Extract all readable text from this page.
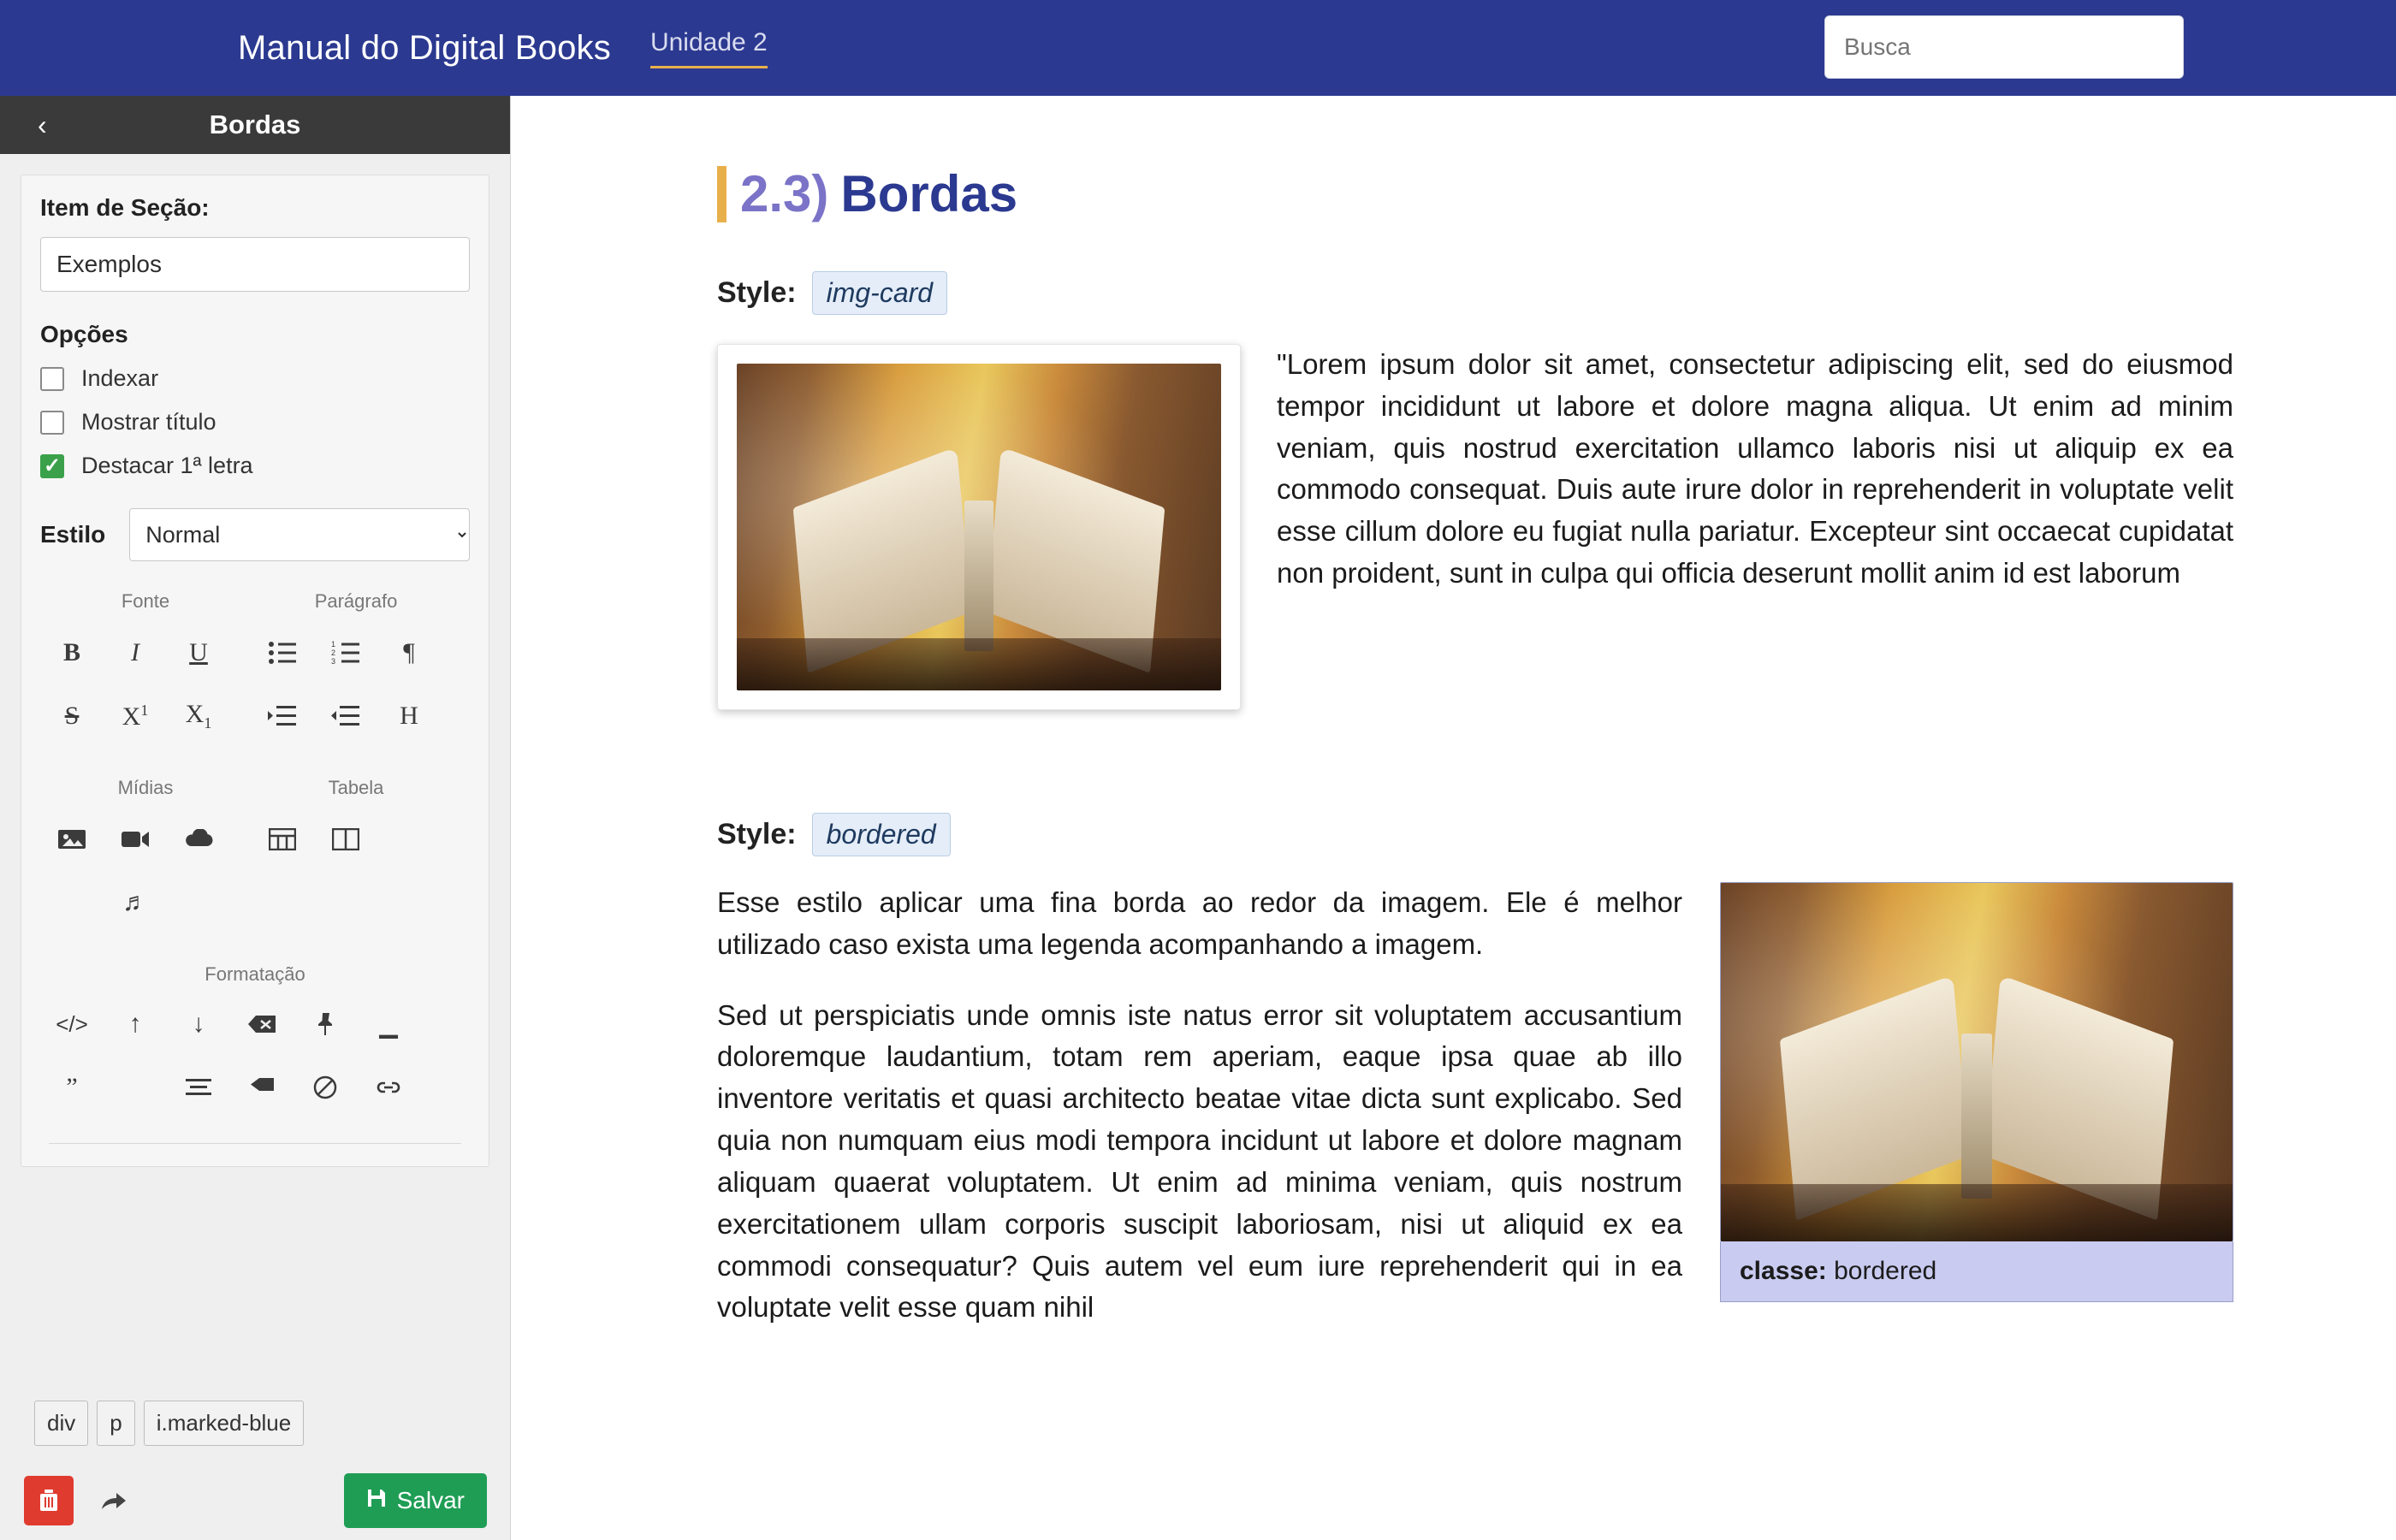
Manual do Digital Books Unidade 2
Busca
‹	Bordas
Item de Seção:
Exemplos
Opções
Indexar
Mostrar título
✓
Destacar 1ª letra
Estilo
Normal
Fonte	Parágrafo
B I U
S $X^1$ $X_1$
1
2
3	¶
H
Mídias	Tabela
♬
Formatação
</> ↑ ↓	▁
”
div	p	i.marked-blue
Salvar
2.3) Bordas
Style:	img-card
"Lorem ipsum dolor sit amet, consectetur adipiscing elit, sed do eiusmod tempor incididunt ut labore et dolore magna aliqua. Ut enim ad minim veniam, quis nostrud exercitation ullamco laboris nisi ut aliquip ex ea commodo consequat. Duis aute irure dolor in reprehenderit in voluptate velit esse cillum dolore eu fugiat nulla pariatur. Excepteur sint occaecat cupidatat non proident, sunt in culpa qui officia deserunt mollit anim id est laborum
Style:	bordered

Esse estilo aplicar uma fina borda ao redor da imagem. Ele é melhor utilizado caso exista uma legenda acompanhando a imagem.

Sed ut perspiciatis unde omnis iste natus error sit voluptatem accusantium doloremque laudantium, totam rem aperiam, eaque ipsa quae ab illo inventore veritatis et quasi architecto beatae vitae dicta sunt explicabo. Sed quia non numquam eius modi tempora incidunt ut labore et dolore magnam aliquam quaerat voluptatem. Ut enim ad minima veniam, quis nostrum exercitationem ullam corporis suscipit laboriosam, nisi ut aliquid ex ea commodi consequatur? Quis autem vel eum iure reprehenderit qui in ea voluptate velit esse quam nihil

classe: bordered
